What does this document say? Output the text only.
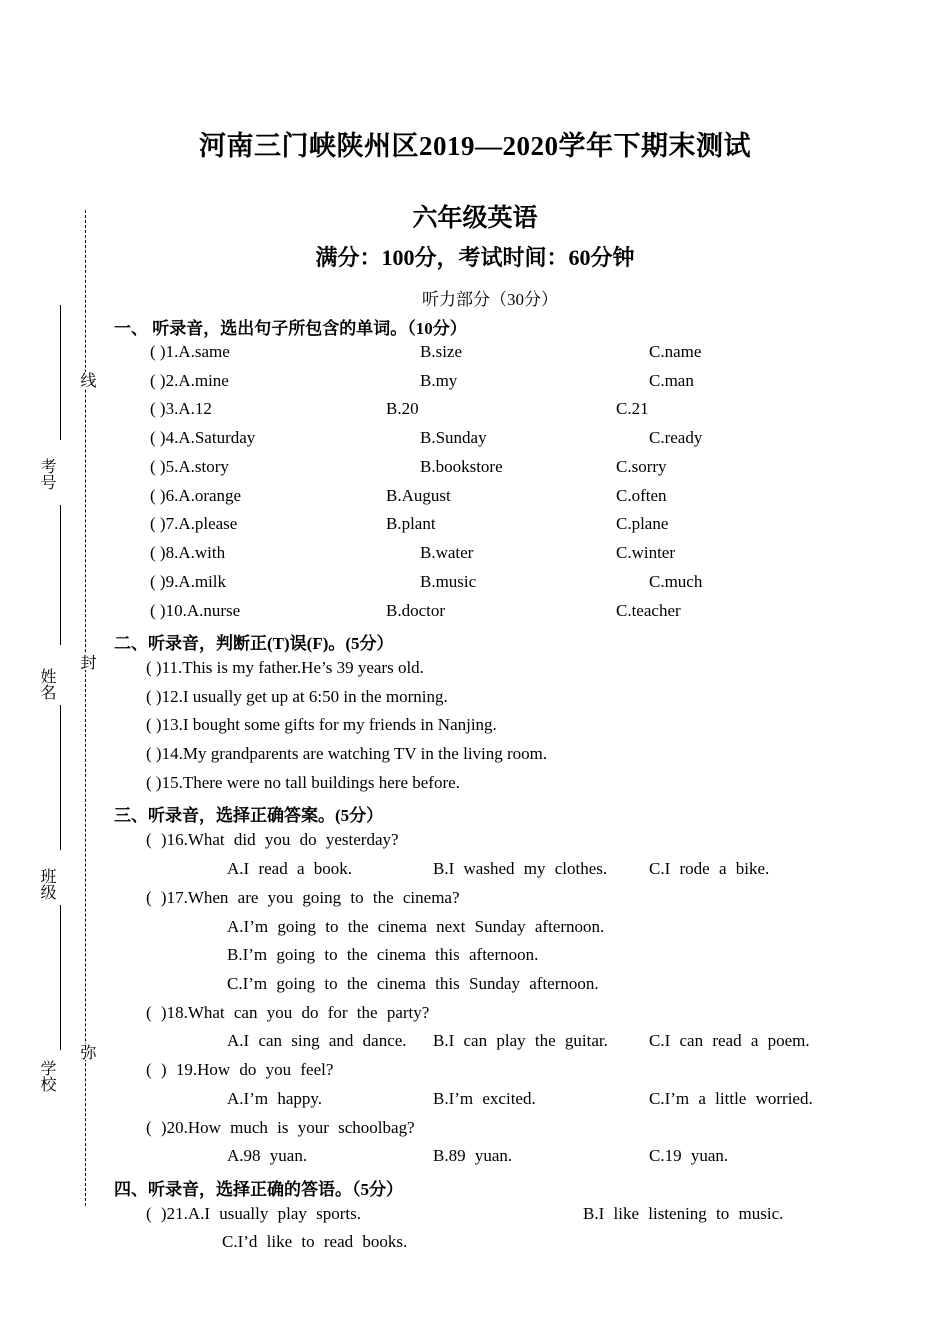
线
封
弥
考号
姓名
班级
学校
河南三门峡陕州区2019—2020学年下期末测试
六年级英语
满分：100分，考试时间：60分钟
听力部分（30分）
一、 听录音，选出句子所包含的单词。（10分）
( )1.A.same	B.size	C.name
( )2.A.mine	B.my	C.man
( )3.A.12	B.20	C.21
( )4.A.Saturday	B.Sunday	C.ready
( )5.A.story	B.bookstore	C.sorry
( )6.A.orange	B.August	C.often
( )7.A.please	B.plant	C.plane
( )8.A.with	B.water	C.winter
( )9.A.milk	B.music	C.much
( )10.A.nurse	B.doctor	C.teacher
二、听录音，判断正(T)误(F)。(5分）
( )11.This is my father.He’s 39 years old.
( )12.I usually get up at 6:50 in the morning.
( )13.I bought some gifts for my friends in Nanjing.
( )14.My grandparents are watching TV in the living room.
( )15.There were no tall buildings here before.
三、听录音，选择正确答案。(5分）
( )16.What did you do yesterday?
A.I read a book.	B.I washed my clothes. C.I rode a bike.
( )17.When are you going to the cinema?
A.I’m going to the cinema next Sunday afternoon.
B.I’m going to the cinema this afternoon.
C.I’m going to the cinema this Sunday afternoon.
( )18.What can you do for the party?
A.I can sing and dance. B.I can play the guitar. C.I can read a poem.
( ) 19.How do you feel?
A.I’m happy.	B.I’m excited.	C.I’m a little worried.
( )20.How much is your schoolbag?
A.98 yuan.	B.89 yuan.	C.19 yuan.
四、听录音，选择正确的答语。（5分）
( )21.A.I usually play sports.	B.I like listening to music.
C.I’d like to read books.
